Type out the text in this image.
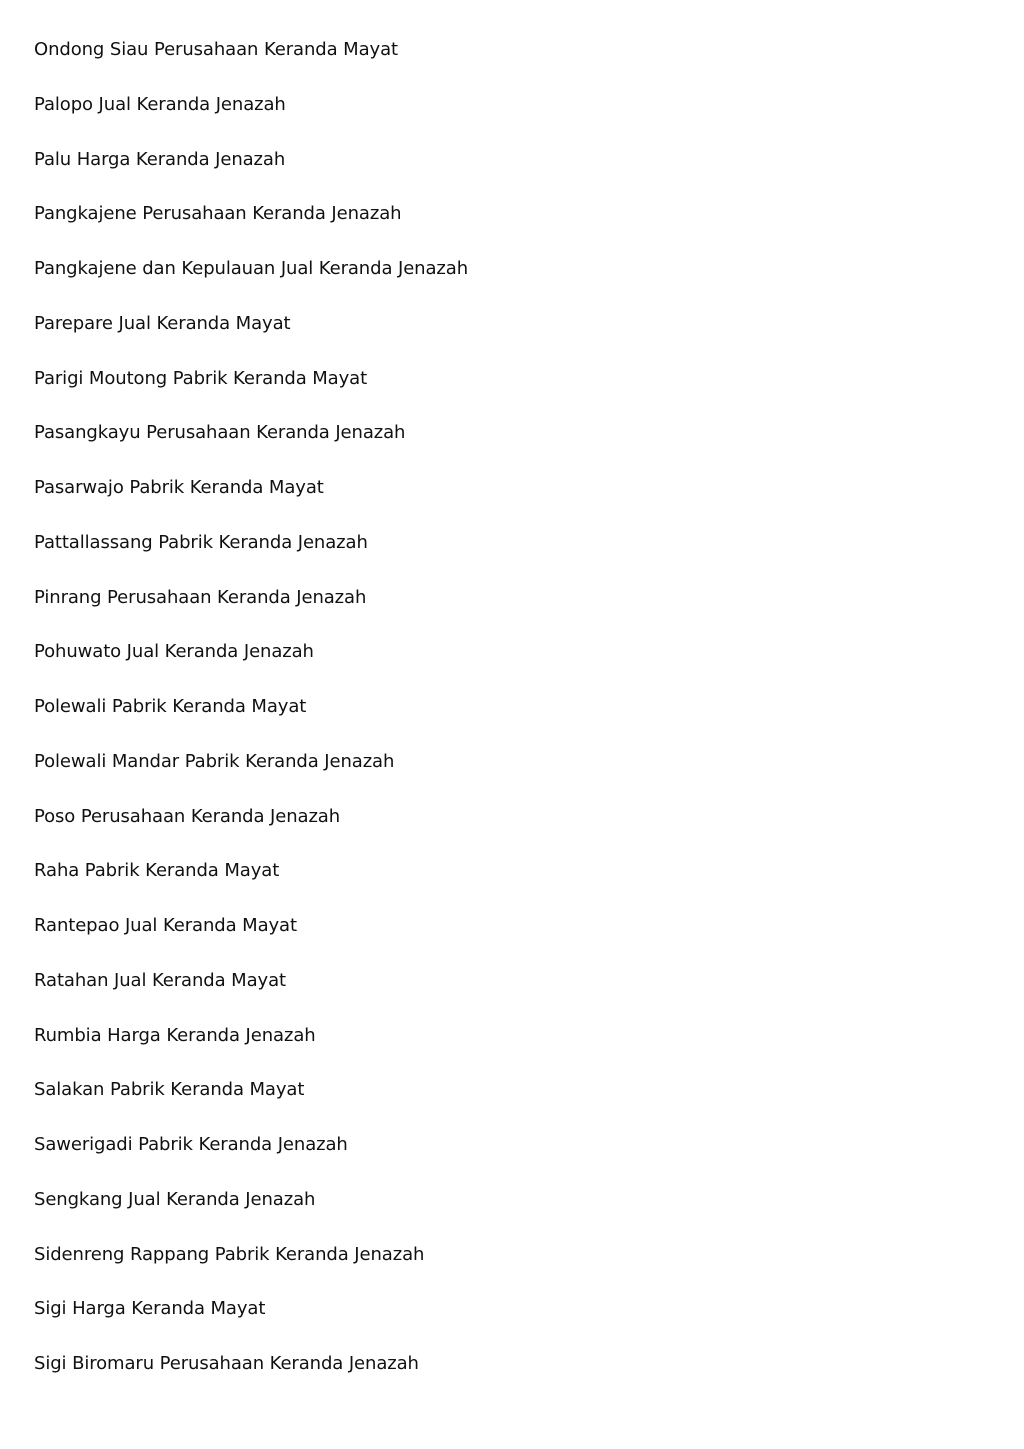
Ondong Siau Perusahaan Keranda Mayat
Palopo Jual Keranda Jenazah
Palu Harga Keranda Jenazah
Pangkajene Perusahaan Keranda Jenazah
Pangkajene dan Kepulauan Jual Keranda Jenazah
Parepare Jual Keranda Mayat
Parigi Moutong Pabrik Keranda Mayat
Pasangkayu Perusahaan Keranda Jenazah
Pasarwajo Pabrik Keranda Mayat
Pattallassang Pabrik Keranda Jenazah
Pinrang Perusahaan Keranda Jenazah
Pohuwato Jual Keranda Jenazah
Polewali Pabrik Keranda Mayat
Polewali Mandar Pabrik Keranda Jenazah
Poso Perusahaan Keranda Jenazah
Raha Pabrik Keranda Mayat
Rantepao Jual Keranda Mayat
Ratahan Jual Keranda Mayat
Rumbia Harga Keranda Jenazah
Salakan Pabrik Keranda Mayat
Sawerigadi Pabrik Keranda Jenazah
Sengkang Jual Keranda Jenazah
Sidenreng Rappang Pabrik Keranda Jenazah
Sigi Harga Keranda Mayat
Sigi Biromaru Perusahaan Keranda Jenazah
